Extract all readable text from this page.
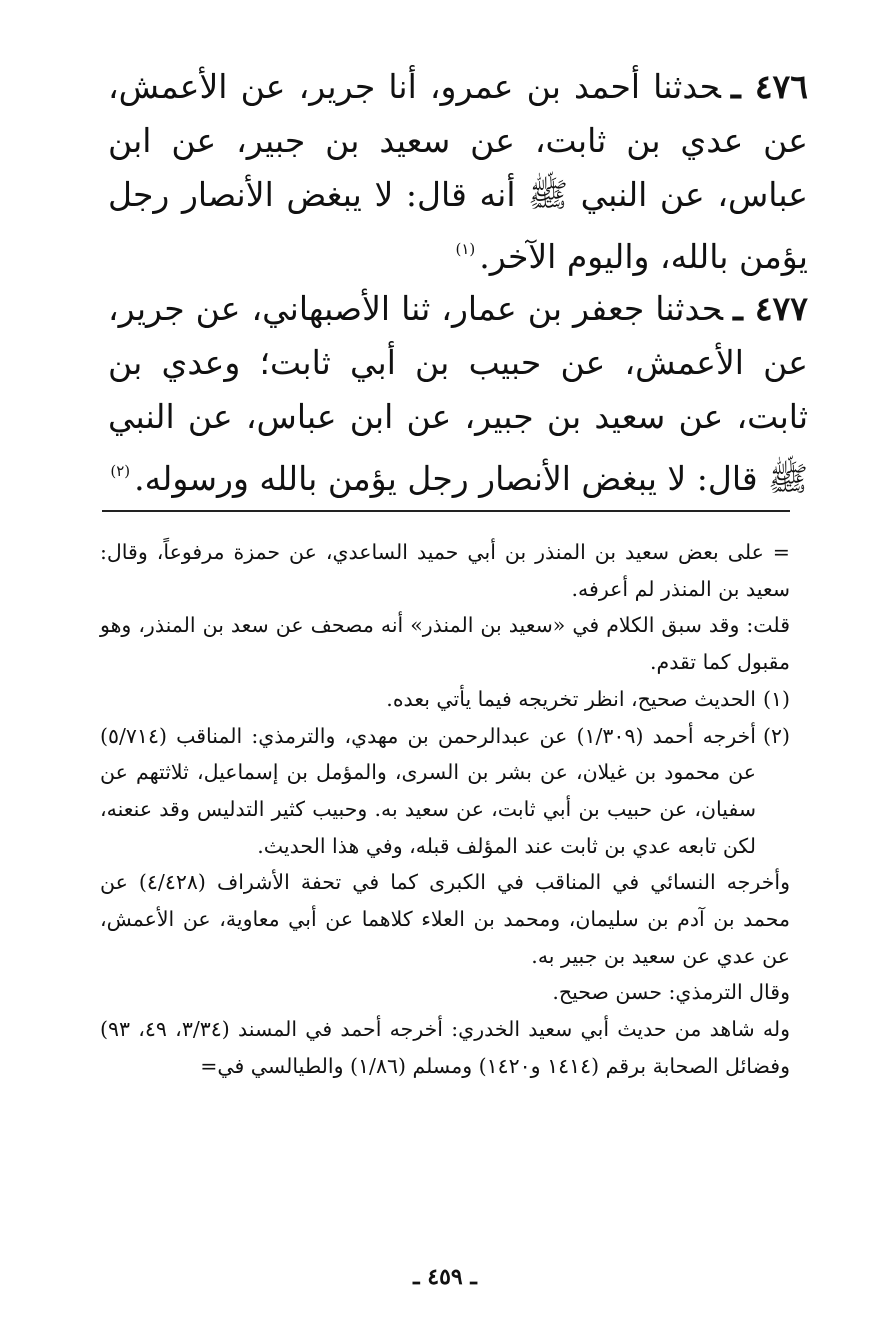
٤٧٦ ـحدثنا أحمد بن عمرو، أنا جرير، عن الأعمش، عن عدي بن ثابت، عن سعيد بن جبير، عن ابن عباس، عن النبي ﷺ أنه قال: لا يبغض الأنصار رجل يؤمن بالله، واليوم الآخر.$^{(١)}$
٤٧٧ ـحدثنا جعفر بن عمار، ثنا الأصبهاني، عن جرير، عن الأعمش، عن حبيب بن أبي ثابت؛ وعدي بن ثابت، عن سعيد بن جبير، عن ابن عباس، عن النبي ﷺ قال: لا يبغض الأنصار رجل يؤمن بالله ورسوله.$^{(٢)}$

= على بعض سعيد بن المنذر بن أبي حميد الساعدي، عن حمزة مرفوعاً، وقال: سعيد بن المنذر لم أعرفه.

قلت: وقد سبق الكلام في «سعيد بن المنذر» أنه مصحف عن سعد بن المنذر، وهو مقبول كما تقدم.

(١)
الحديث صحيح، انظر تخريجه فيما يأتي بعده.
(٢)
أخرجه أحمد (١/٣٠٩) عن عبدالرحمن بن مهدي، والترمذي: المناقب (٥/٧١٤) عن محمود بن غيلان، عن بشر بن السرى، والمؤمل بن إسماعيل، ثلاثتهم عن سفيان، عن حبيب بن أبي ثابت، عن سعيد به. وحبيب كثير التدليس وقد عنعنه، لكن تابعه عدي بن ثابت عند المؤلف قبله، وفي هذا الحديث.

وأخرجه النسائي في المناقب في الكبرى كما في تحفة الأشراف (٤/٤٢٨) عن محمد بن آدم بن سليمان، ومحمد بن العلاء كلاهما عن أبي معاوية، عن الأعمش، عن عدي عن سعيد بن جبير به.

وقال الترمذي: حسن صحيح.

وله شاهد من حديث أبي سعيد الخدري: أخرجه أحمد في المسند (٣/٣٤، ٤٩، ٩٣) وفضائل الصحابة برقم (١٤١٤ و١٤٢٠) ومسلم (١/٨٦) والطيالسي في=

ـ ٤٥٩ ـ
